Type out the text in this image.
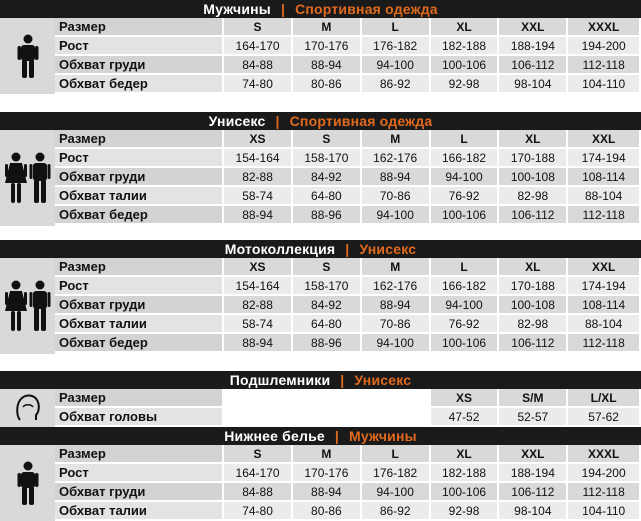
Мужчины | Спортивная одежда
Размер	S	M	L	XL	XXL	XXXL
Рост	164-170	170-176	176-182	182-188	188-194	194-200
Обхват груди	84-88	88-94	94-100	100-106	106-112	112-118
Обхват бедер	74-80	80-86	86-92	92-98	98-104	104-110
Унисекс | Спортивная одежда
Размер	XS	S	M	L	XL	XXL
Рост	154-164	158-170	162-176	166-182	170-188	174-194
Обхват груди	82-88	84-92	88-94	94-100	100-108	108-114
Обхват талии	58-74	64-80	70-86	76-92	82-98	88-104
Обхват бедер	88-94	88-96	94-100	100-106	106-112	112-118
Мотоколлекция | Унисекс
Размер	XS	S	M	L	XL	XXL
Рост	154-164	158-170	162-176	166-182	170-188	174-194
Обхват груди	82-88	84-92	88-94	94-100	100-108	108-114
Обхват талии	58-74	64-80	70-86	76-92	82-98	88-104
Обхват бедер	88-94	88-96	94-100	100-106	106-112	112-118
Подшлемники | Унисекс
Размер	XS	S/M	L/XL
Обхват головы	47-52	52-57	57-62
Нижнее белье | Мужчины
Размер	S	M	L	XL	XXL	XXXL
Рост	164-170	170-176	176-182	182-188	188-194	194-200
Обхват груди	84-88	88-94	94-100	100-106	106-112	112-118
Обхват талии	74-80	80-86	86-92	92-98	98-104	104-110
